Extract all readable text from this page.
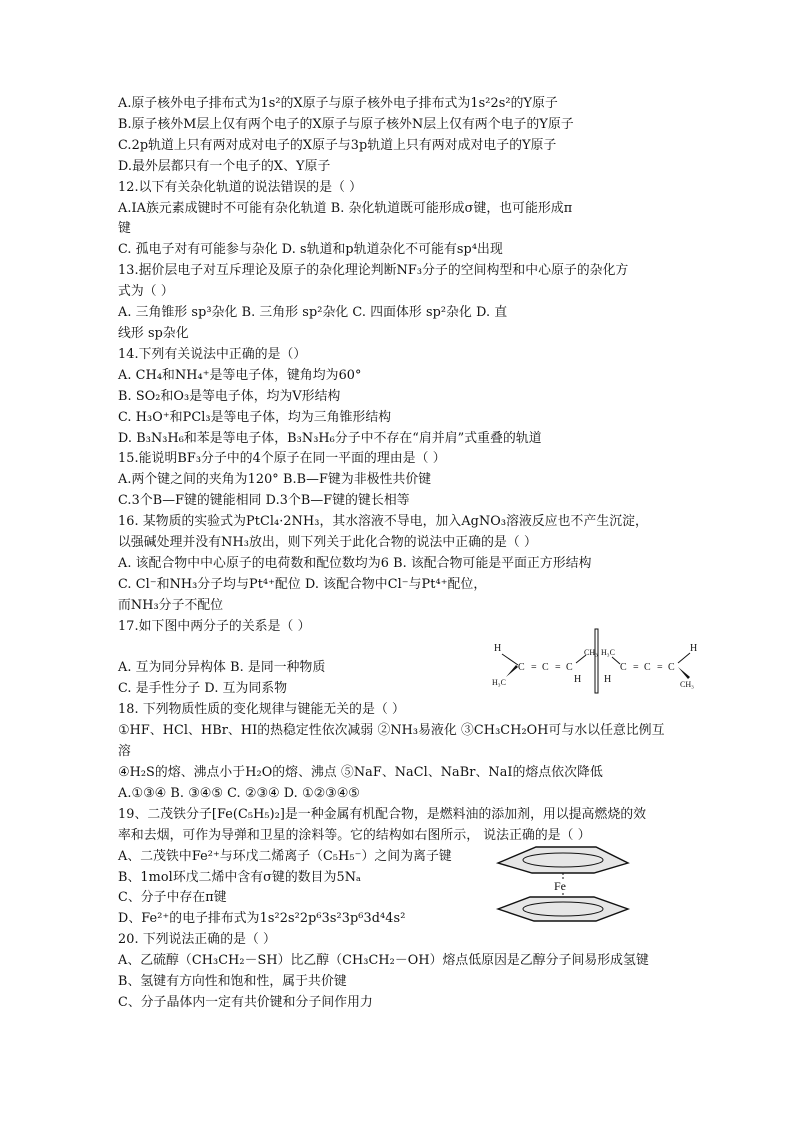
A.原子核外电子排布式为1s²的X原子与原子核外电子排布式为1s²2s²的Y原子
B.原子核外M层上仅有两个电子的X原子与原子核外N层上仅有两个电子的Y原子
C.2p轨道上只有两对成对电子的X原子与3p轨道上只有两对成对电子的Y原子
D.最外层都只有一个电子的X、Y原子
12.以下有关杂化轨道的说法错误的是（ ）
A.ⅠA族元素成键时不可能有杂化轨道 B. 杂化轨道既可能形成σ键，也可能形成π
键
C. 孤电子对有可能参与杂化 D. s轨道和p轨道杂化不可能有sp⁴出现
13.据价层电子对互斥理论及原子的杂化理论判断NF₃分子的空间构型和中心原子的杂化方
式为（ ）
A. 三角锥形 sp³杂化 B. 三角形 sp²杂化 C. 四面体形 sp²杂化 D. 直
线形 sp杂化
14.下列有关说法中正确的是（）
A. CH₄和NH₄⁺是等电子体，键角均为60°
B. SO₂和O₃是等电子体，均为V形结构
C. H₃O⁺和PCl₃是等电子体，均为三角锥形结构
D. B₃N₃H₆和苯是等电子体，B₃N₃H₆分子中不存在“肩并肩”式重叠的轨道
15.能说明BF₃分子中的4个原子在同一平面的理由是（ ）
A.两个键之间的夹角为120° B.B—F键为非极性共价键
C.3个B—F键的键能相同 D.3个B—F键的键长相等
16. 某物质的实验式为PtCl₄·2NH₃，其水溶液不导电，加入AgNO₃溶液反应也不产生沉淀，
以强碱处理并没有NH₃放出，则下列关于此化合物的说法中正确的是（ ）
A. 该配合物中中心原子的电荷数和配位数均为6 B. 该配合物可能是平面正方形结构
C. Cl⁻和NH₃分子均与Pt⁴⁺配位 D. 该配合物中Cl⁻与Pt⁴⁺配位，
而NH₃分子不配位
17.如下图中两分子的关系是（ ）
A. 互为同分异构体 B. 是同一种物质
C. 是手性分子 D. 互为同系物
18. 下列物质性质的变化规律与键能无关的是（ ）
①HF、HCl、HBr、HI的热稳定性依次减弱 ②NH₃易液化 ③CH₃CH₂OH可与水以任意比例互
溶
④H₂S的熔、沸点小于H₂O的熔、沸点 ⑤NaF、NaCl、NaBr、NaI的熔点依次降低
A.①③④ B. ③④⑤ C. ②③④ D. ①②③④⑤
19、二茂铁分子[Fe(C₅H₅)₂]是一种金属有机配合物，是燃料油的添加剂，用以提高燃烧的效
率和去烟，可作为导弹和卫星的涂料等。它的结构如右图所示， 说法正确的是（ ）
A、二茂铁中Fe²⁺与环戊二烯离子（C₅H₅⁻）之间为离子键
B、1mol环戊二烯中含有σ键的数目为5Nₐ
C、分子中存在π键
D、Fe²⁺的电子排布式为1s²2s²2p⁶3s²3p⁶3d⁴4s²
20. 下列说法正确的是（ ）
A、乙硫醇（CH₃CH₂－SH）比乙醇（CH₃CH₂－OH）熔点低原因是乙醇分子间易形成氢键
B、氢键有方向性和饱和性，属于共价键
C、分子晶体内一定有共价键和分子间作用力
H
H₃C
C = C = C
CH₃
H
H₃C
H
C = C = C
H
CH₃
Fe
